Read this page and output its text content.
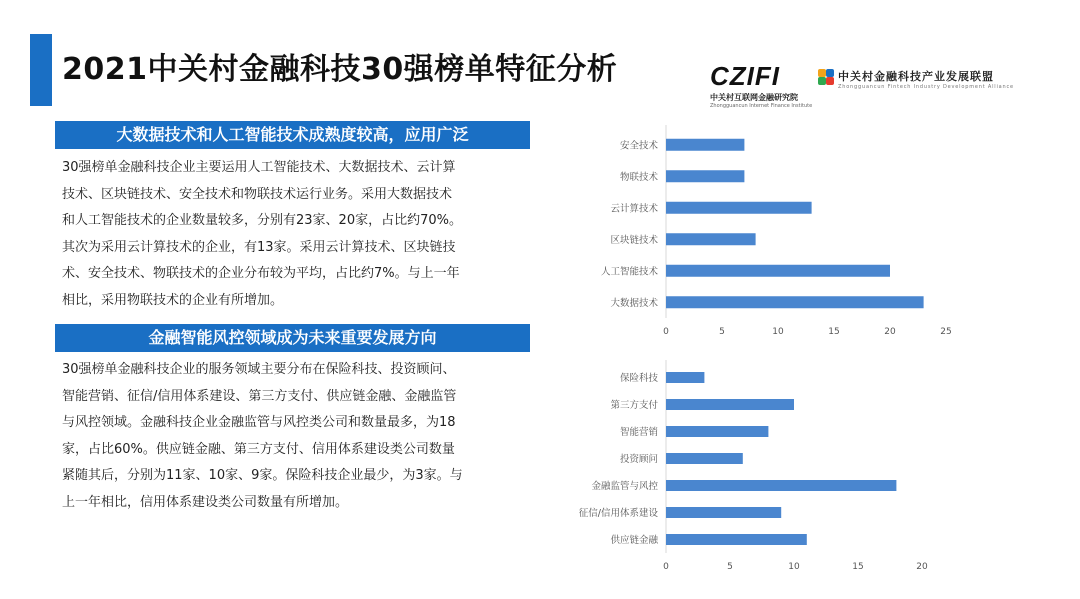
2021中关村金融科技30强榜单特征分析	CZIFI
中关村互联网金融研究院
Zhongguancun Internet Finance Institute
中关村金融科技产业发展联盟
Zhongguancun Fintech Industry Development Alliance
大数据技术和人工智能技术成熟度较高，应用广泛
30强榜单金融科技企业主要运用人工智能技术、大数据技术、云计算
技术、区块链技术、安全技术和物联技术运行业务。采用大数据技术
和人工智能技术的企业数量较多，分别有23家、20家，占比约70%。
其次为采用云计算技术的企业，有13家。采用云计算技术、区块链技
术、安全技术、物联技术的企业分布较为平均，占比约7%。与上一年
相比，采用物联技术的企业有所增加。
金融智能风控领域成为未来重要发展方向
30强榜单金融科技企业的服务领域主要分布在保险科技、投资顾问、
智能营销、征信/信用体系建设、第三方支付、供应链金融、金融监管
与风控领域。金融科技企业金融监管与风控类公司和数量最多，为18
家，占比60%。供应链金融、第三方支付、信用体系建设类公司数量
紧随其后，分别为11家、10家、9家。保险科技企业最少，为3家。与
上一年相比，信用体系建设类公司数量有所增加。
安全技术
物联技术
云计算技术
区块链技术
人工智能技术
大数据技术
0	5	10	15	20	25
保险科技
第三方支付
智能营销
投资顾问
金融监管与风控
征信/信用体系建设
供应链金融
0	5	10	15	20
